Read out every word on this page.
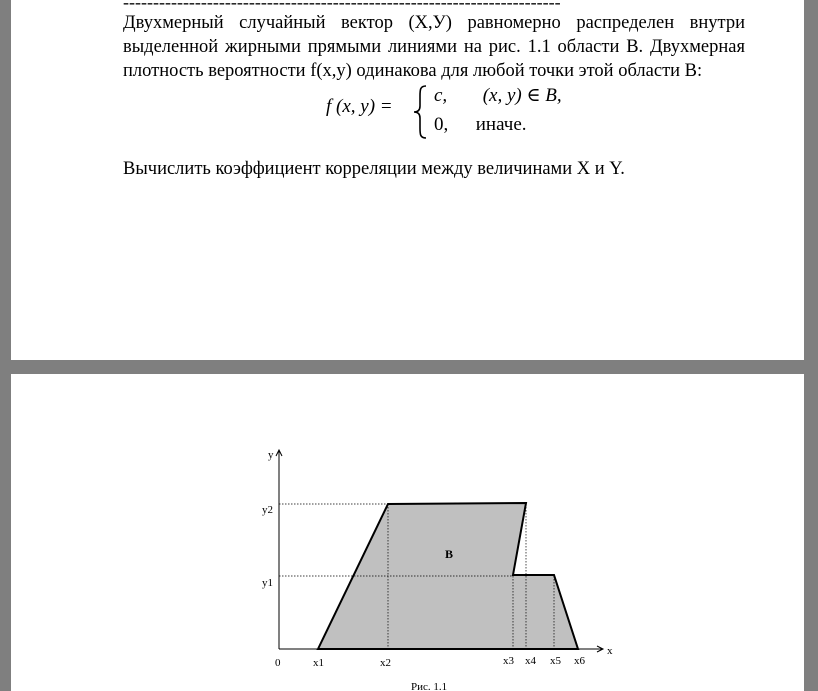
-------------------------------------------------------------------------
Двухмерный случайный вектор (Х,У) равномерно распределен внутри
выделенной жирными прямыми линиями на рис. 1.1 области B. Двухмерная
плотность вероятности f(x,y) одинакова для любой точки этой области B:
f (x, y) =
c, (x, y) ∈ B,
0, иначе.
Вычислить коэффициент корреляции между величинами X и Y.
x
y
0	x1	x2	x3 x4 x5 x6
y1
y2
B
Рис. 1.1
